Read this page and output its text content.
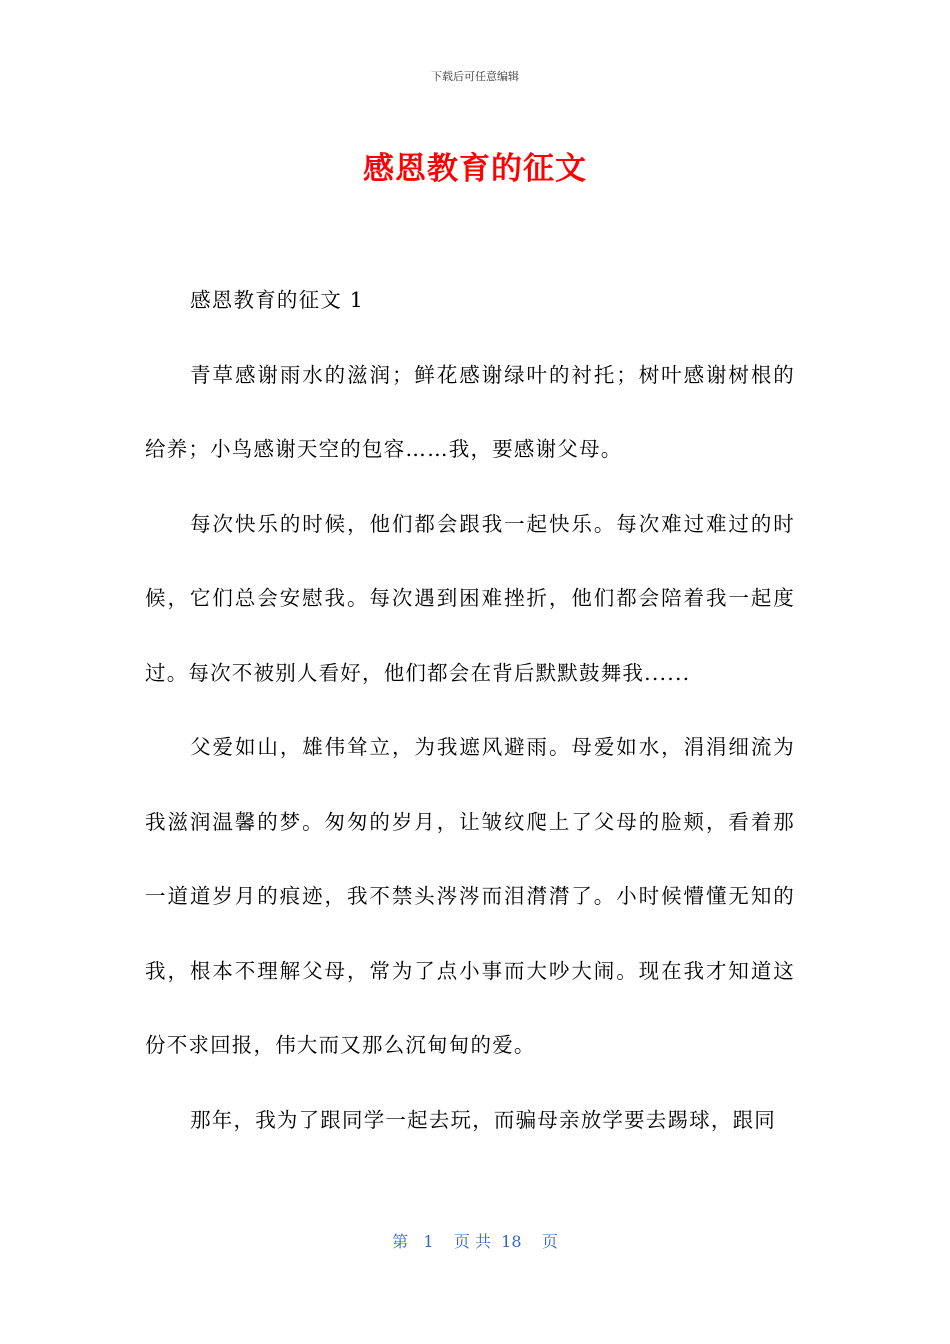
下载后可任意编辑
感恩教育的征文

感恩教育的征文 1

青草感谢雨水的滋润；鲜花感谢绿叶的衬托；树叶感谢树根的给养；小鸟感谢天空的包容……我，要感谢父母。

每次快乐的时候，他们都会跟我一起快乐。每次难过难过的时候，它们总会安慰我。每次遇到困难挫折，他们都会陪着我一起度过。每次不被别人看好，他们都会在背后默默鼓舞我......

父爱如山，雄伟耸立，为我遮风避雨。母爱如水，涓涓细流为我滋润温馨的梦。匆匆的岁月，让皱纹爬上了父母的脸颊，看着那一道道岁月的痕迹，我不禁头涔涔而泪潸潸了。小时候懵懂无知的我，根本不理解父母，常为了点小事而大吵大闹。现在我才知道这份不求回报，伟大而又那么沉甸甸的爱。

那年，我为了跟同学一起去玩，而骗母亲放学要去踢球，跟同

第   1    页 共  18    页
